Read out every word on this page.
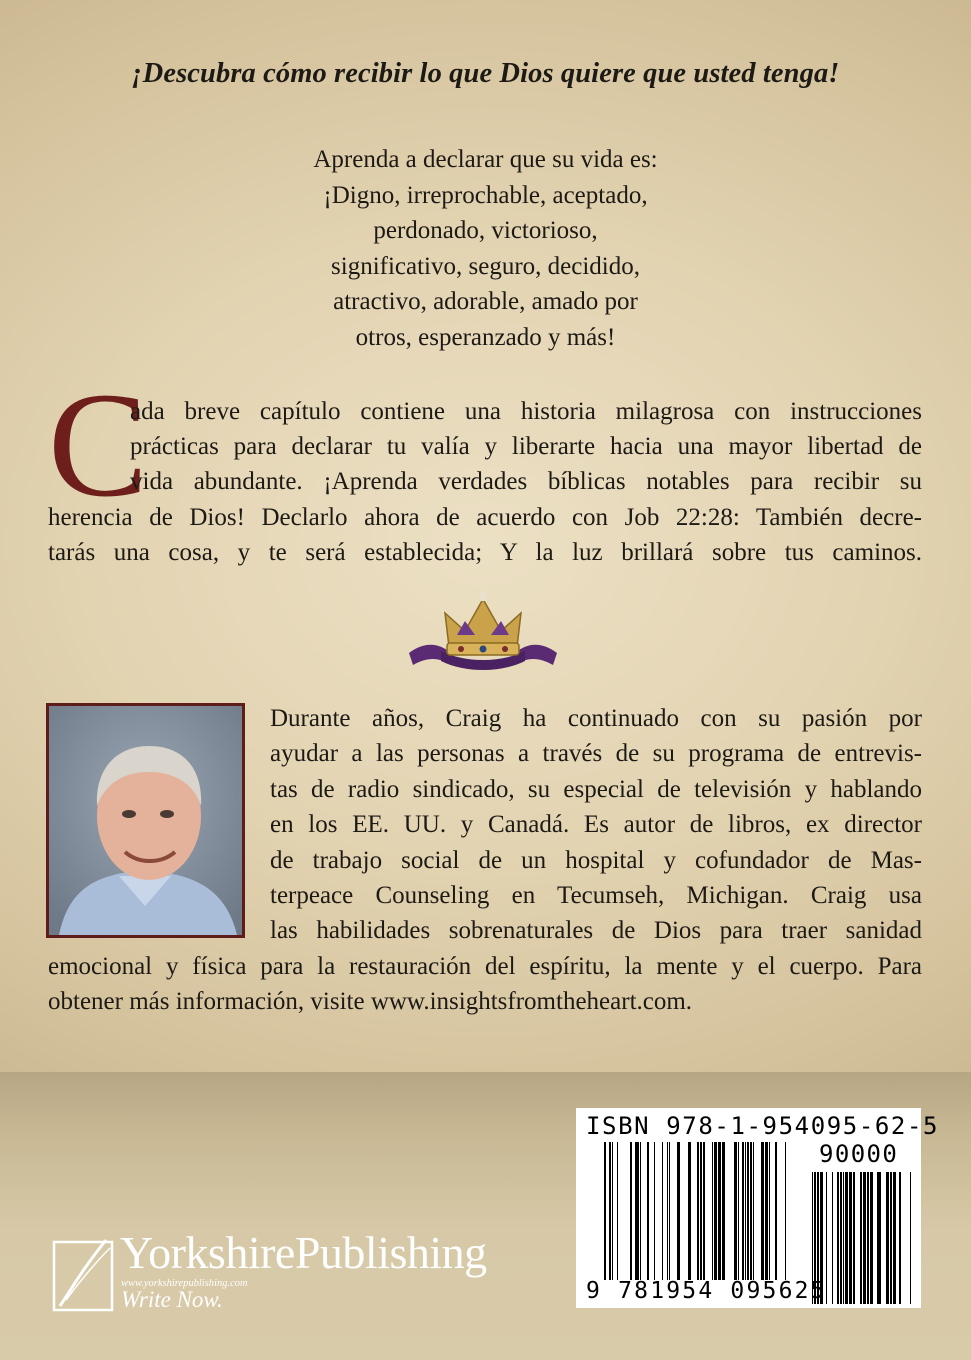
¡Descubra cómo recibir lo que Dios quiere que usted tenga!
Aprenda a declarar que su vida es:
¡Digno, irreprochable, aceptado,
perdonado, victorioso,
significativo, seguro, decidido,
atractivo, adorable, amado por
otros, esperanzado y más!
C
ada breve capítulo contiene una historia milagrosa con instrucciones
prácticas para declarar tu valía y liberarte hacia una mayor libertad de
vida abundante. ¡Aprenda verdades bíblicas notables para recibir su
herencia de Dios! Declarlo ahora de acuerdo con Job 22:28: También decre-
tarás una cosa, y te será establecida; Y la luz brillará sobre tus caminos.
Durante años, Craig ha continuado con su pasión por
ayudar a las personas a través de su programa de entrevis-
tas de radio sindicado, su especial de televisión y hablando
en los EE. UU. y Canadá. Es autor de libros, ex director
de trabajo social de un hospital y cofundador de Mas-
terpeace Counseling en Tecumseh, Michigan. Craig usa
las habilidades sobrenaturales de Dios para traer sanidad
emocional y física para la restauración del espíritu, la mente y el cuerpo. Para
obtener más información, visite www.insightsfromtheheart.com.
ISBN 978-1-954095-62-5
90000
9 781954 095625
YorkshirePublishing
www.yorkshirepublishing.com
Write Now.
